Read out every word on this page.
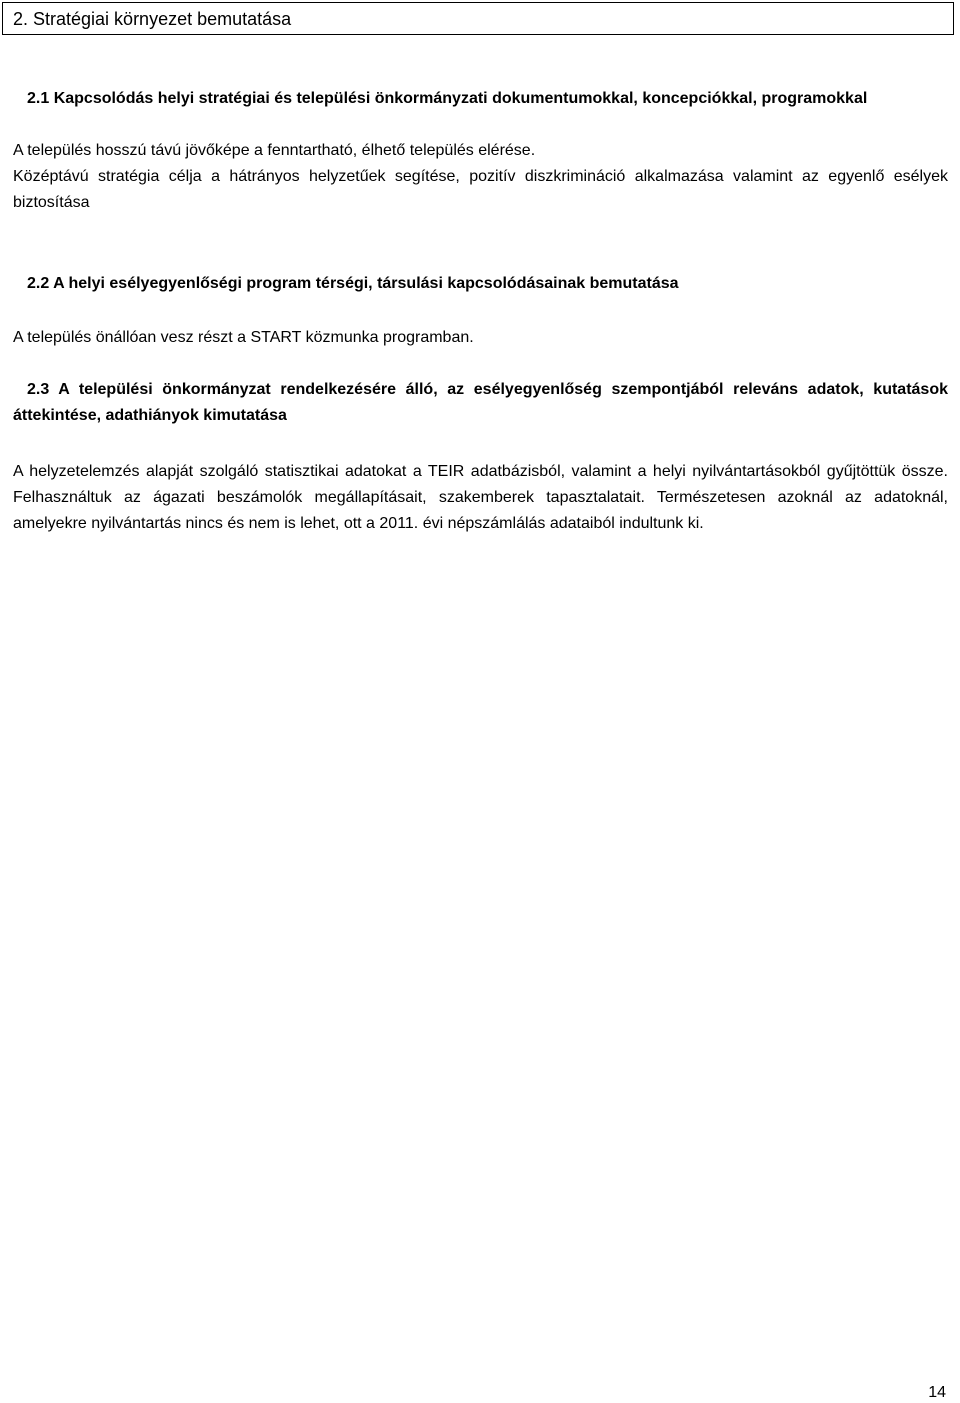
2. Stratégiai környezet bemutatása
2.1 Kapcsolódás helyi stratégiai és települési önkormányzati dokumentumokkal, koncepciókkal, programokkal
A település hosszú távú jövőképe a fenntartható, élhető település elérése.
Középtávú stratégia célja a hátrányos helyzetűek segítése, pozitív diszkrimináció alkalmazása valamint az egyenlő esélyek biztosítása
2.2 A helyi esélyegyenlőségi program térségi, társulási kapcsolódásainak bemutatása
A település önállóan vesz részt a START közmunka programban.
2.3 A települési önkormányzat rendelkezésére álló, az esélyegyenlőség szempontjából releváns adatok, kutatások áttekintése, adathiányok kimutatása
A helyzetelemzés alapját szolgáló statisztikai adatokat a TEIR adatbázisból, valamint a helyi nyilvántartásokból gyűjtöttük össze. Felhasználtuk az ágazati beszámolók megállapításait, szakemberek tapasztalatait. Természetesen azoknál az adatoknál, amelyekre nyilvántartás nincs és nem is lehet, ott a 2011. évi népszámlálás adataiból indultunk ki.
14
